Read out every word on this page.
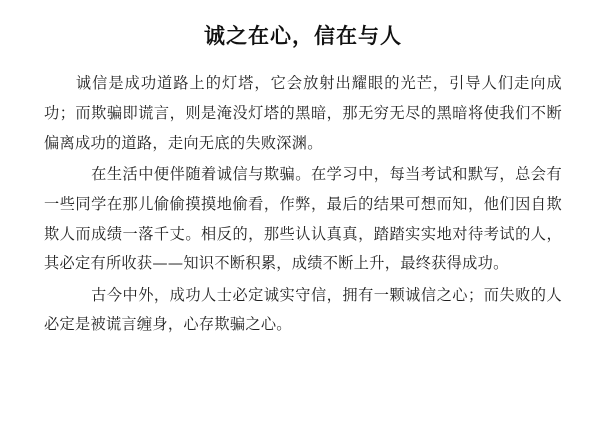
诚之在心，信在与人

诚信是成功道路上的灯塔，它会放射出耀眼的光芒，引导人们走向成功；而欺骗即谎言，则是淹没灯塔的黑暗，那无穷无尽的黑暗将使我们不断偏离成功的道路，走向无底的失败深渊。

在生活中便伴随着诚信与欺骗。在学习中，每当考试和默写，总会有一些同学在那儿偷偷摸摸地偷看，作弊，最后的结果可想而知，他们因自欺欺人而成绩一落千丈。相反的，那些认认真真，踏踏实实地对待考试的人，其必定有所收获——知识不断积累，成绩不断上升，最终获得成功。

古今中外，成功人士必定诚实守信，拥有一颗诚信之心；而失败的人必定是被谎言缠身，心存欺骗之心。
